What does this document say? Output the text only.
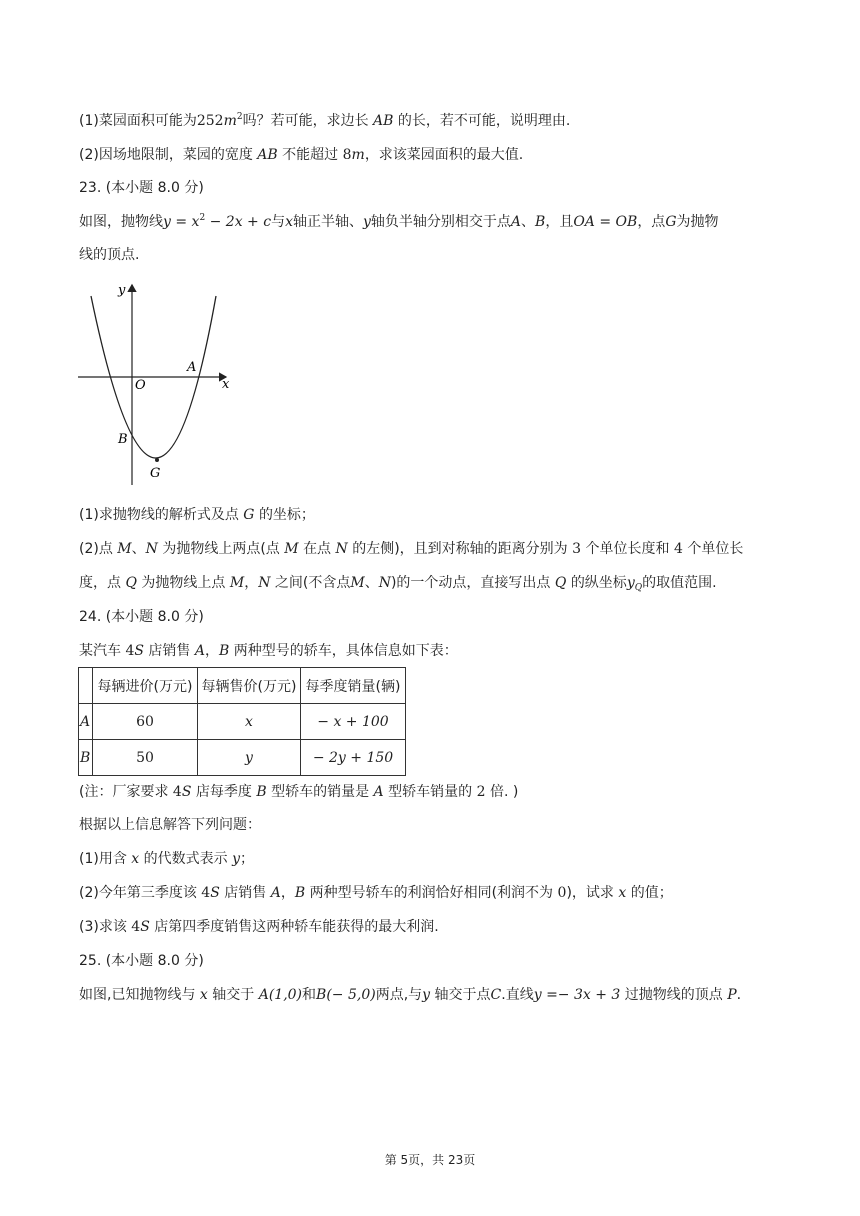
(1)菜园面积可能为$252m^2$吗？若可能，求边长 AB 的长，若不可能，说明理由.
(2)因场地限制，菜园的宽度 AB 不能超过 8m，求该菜园面积的最大值.
23. (本小题 8.0 分)
如图，抛物线$y = x^2 - 2x + c$与x轴正半轴、y轴负半轴分别相交于点A、B，且OA = OB，点G为抛物
线的顶点.
y
x
O
A
B
G
(1)求抛物线的解析式及点 G 的坐标；
(2)点 M、N 为抛物线上两点(点 M 在点 N 的左侧)，且到对称轴的距离分别为 3 个单位长度和 4 个单位长
度，点 Q 为抛物线上点 M，N 之间(不含点M、N)的一个动点，直接写出点 Q 的纵坐标$y_Q$的取值范围.
24. (本小题 8.0 分)
某汽车 4S 店销售 A，B 两种型号的轿车，具体信息如下表：
	每辆进价(万元)	每辆售价(万元)	每季度销量(辆)
A	60	x	− x + 100
B	50	y	− 2y + 150
(注：厂家要求 4S 店每季度 B 型轿车的销量是 A 型轿车销量的 2 倍. )
根据以上信息解答下列问题：
(1)用含 x 的代数式表示 y；
(2)今年第三季度该 4S 店销售 A，B 两种型号轿车的利润恰好相同(利润不为 0)，试求 x 的值；
(3)求该 4S 店第四季度销售这两种轿车能获得的最大利润.
25. (本小题 8.0 分)
如图,已知抛物线与 x 轴交于 A(1,0)和B(− 5,0)两点,与y 轴交于点C.直线y =− 3x + 3 过抛物线的顶点 P.
第 5页，共 23页
